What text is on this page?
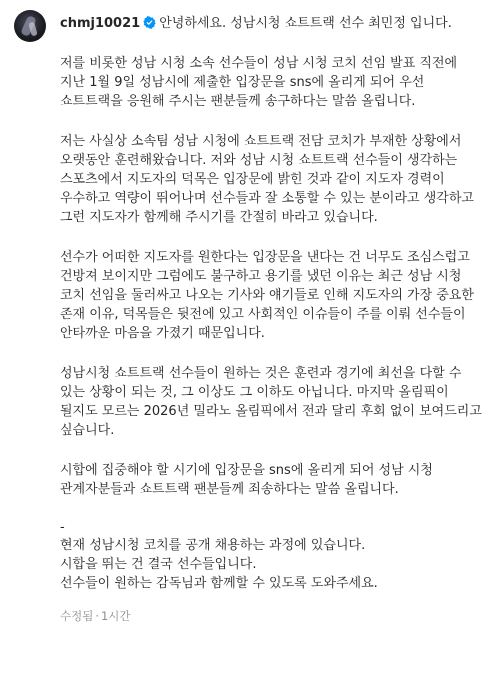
chmj10021 안녕하세요. 성남시청 쇼트트랙 선수 최민정 입니다.

저를 비롯한 성남 시청 소속 선수들이 성남 시청 코치 선임 발표 직전에 지난 1월 9일 성남시에 제출한 입장문을 sns에 올리게 되어 우선 쇼트트랙을 응원해 주시는 팬분들께 송구하다는 말씀 올립니다.

저는 사실상 소속팀 성남 시청에 쇼트트랙 전담 코치가 부재한 상황에서 오랫동안 훈련해왔습니다. 저와 성남 시청 쇼트트랙 선수들이 생각하는 스포츠에서 지도자의 덕목은 입장문에 밝힌 것과 같이 지도자 경력이 우수하고 역량이 뛰어나며 선수들과 잘 소통할 수 있는 분이라고 생각하고 그런 지도자가 함께해 주시기를 간절히 바라고 있습니다.

선수가 어떠한 지도자를 원한다는 입장문을 낸다는 건 너무도 조심스럽고 건방져 보이지만 그럼에도 불구하고 용기를 냈던 이유는 최근 성남 시청 코치 선임을 둘러싸고 나오는 기사와 얘기들로 인해 지도자의 가장 중요한 존재 이유, 덕목들은 뒷전에 있고 사회적인 이슈들이 주를 이뤄 선수들이 안타까운 마음을 가졌기 때문입니다.

성남시청 쇼트트랙 선수들이 원하는 것은 훈련과 경기에 최선을 다할 수 있는 상황이 되는 것, 그 이상도 그 이하도 아닙니다. 마지막 올림픽이 될지도 모르는 2026년 밀라노 올림픽에서 전과 달리 후회 없이 보여드리고 싶습니다.

시합에 집중해야 할 시기에 입장문을 sns에 올리게 되어 성남 시청 관계자분들과 쇼트트랙 팬분들께 죄송하다는 말씀 올립니다.

-

현재 성남시청 코치를 공개 채용하는 과정에 있습니다.

시합을 뛰는 건 결국 선수들입니다.

선수들이 원하는 감독님과 함께할 수 있도록 도와주세요.

수정됨 · 1시간
